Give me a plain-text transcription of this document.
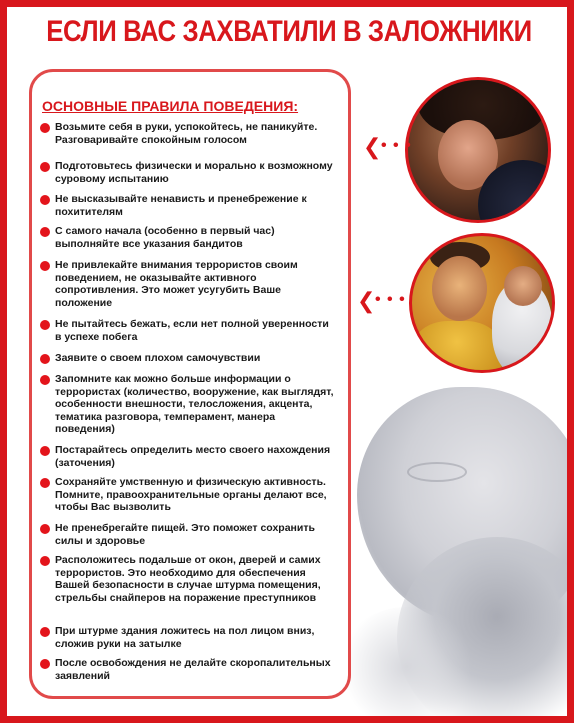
ЕСЛИ ВАС ЗАХВАТИЛИ В ЗАЛОЖНИКИ
❮ • • •
❮ • • •
ОСНОВНЫЕ ПРАВИЛА ПОВЕДЕНИЯ:
Возьмите себя в руки, успокойтесь, не паникуйте. Разговаривайте спокойным голосом
Подготовьтесь физически и морально к возможному суровому испытанию
Не высказывайте ненависть и пренебрежение к похитителям
С самого начала (особенно в первый час) выполняйте все указания бандитов
Не привлекайте внимания террористов своим поведением, не оказывайте активного сопротивления. Это может усугубить Ваше положение
Не пытайтесь бежать, если нет полной уверенности в успехе побега
Заявите о своем плохом самочувствии
Запомните как можно больше информации о террористах (количество, вооружение, как выглядят, особенности внешности, телосложения, акцента, тематика разговора, темперамент, манера поведения)
Постарайтесь определить место своего нахождения (заточения)
Сохраняйте умственную и физическую активность. Помните, правоохранительные органы делают все, чтобы Вас вызволить
Не пренебрегайте пищей. Это поможет сохранить силы и здоровье
Расположитесь подальше от окон, дверей и самих террористов. Это необходимо для обеспечения Вашей безопасности в случае штурма помещения, стрельбы снайперов на поражение преступников
При штурме здания ложитесь на пол лицом вниз, сложив руки на затылке
После освобождения не делайте скоропалительных заявлений
